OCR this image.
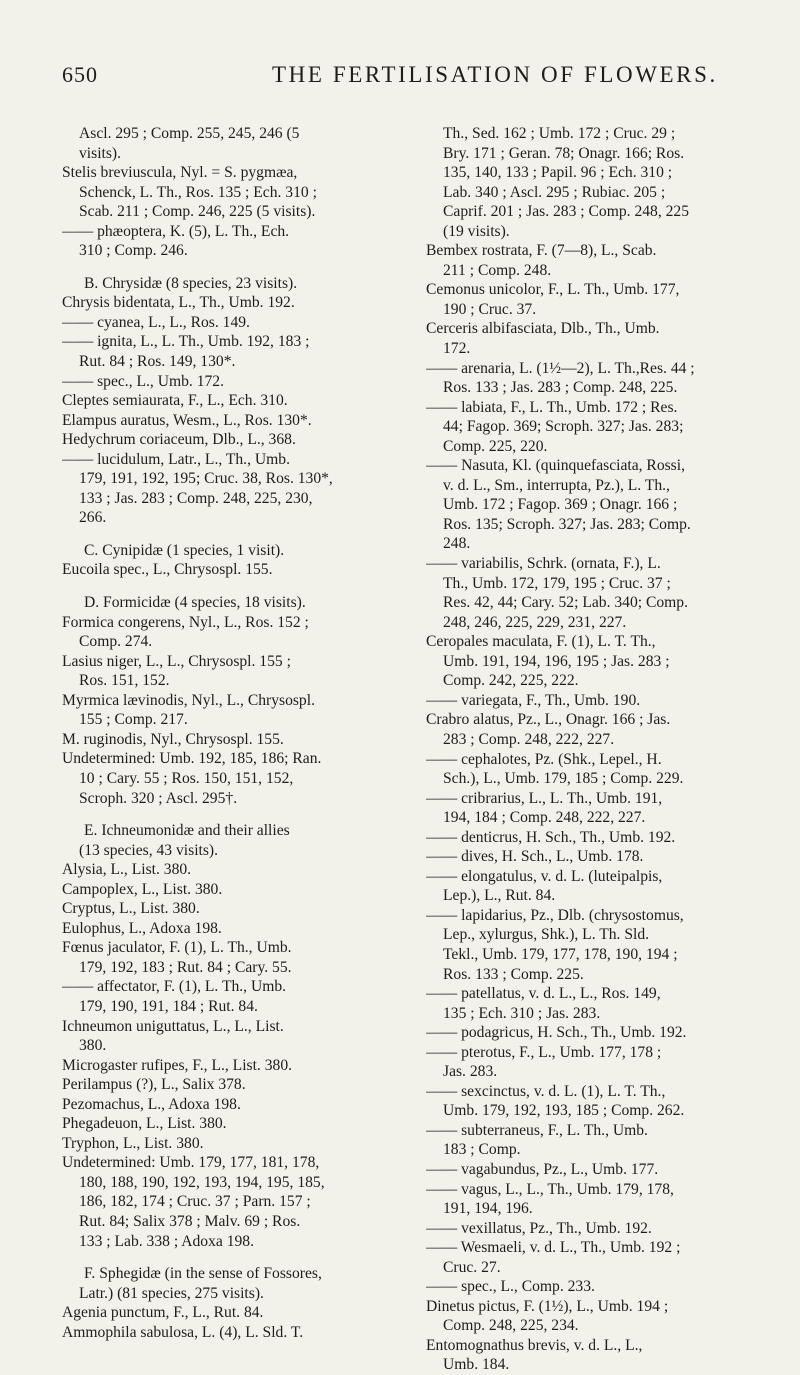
650	THE FERTILISATION OF FLOWERS.
Ascl. 295 ; Comp. 255, 245, 246 (5
visits).
Stelis breviuscula, Nyl. = S. pygmæa,
Schenck, L. Th., Ros. 135 ; Ech. 310 ;
Scab. 211 ; Comp. 246, 225 (5 visits).
—— phæoptera, K. (5), L. Th., Ech.
310 ; Comp. 246.
B. Chrysidæ (8 species, 23 visits).
Chrysis bidentata, L., Th., Umb. 192.
—— cyanea, L., L., Ros. 149.
—— ignita, L., L. Th., Umb. 192, 183 ;
Rut. 84 ; Ros. 149, 130*.
—— spec., L., Umb. 172.
Cleptes semiaurata, F., L., Ech. 310.
Elampus auratus, Wesm., L., Ros. 130*.
Hedychrum coriaceum, Dlb., L., 368.
—— lucidulum, Latr., L., Th., Umb.
179, 191, 192, 195; Cruc. 38, Ros. 130*,
133 ; Jas. 283 ; Comp. 248, 225, 230,
266.
C. Cynipidæ (1 species, 1 visit).
Eucoila spec., L., Chrysospl. 155.
D. Formicidæ (4 species, 18 visits).
Formica congerens, Nyl., L., Ros. 152 ;
Comp. 274.
Lasius niger, L., L., Chrysospl. 155 ;
Ros. 151, 152.
Myrmica lævinodis, Nyl., L., Chrysospl.
155 ; Comp. 217.
M. ruginodis, Nyl., Chrysospl. 155.
Undetermined: Umb. 192, 185, 186; Ran.
10 ; Cary. 55 ; Ros. 150, 151, 152,
Scroph. 320 ; Ascl. 295†.
E. Ichneumonidæ and their allies
(13 species, 43 visits).
Alysia, L., List. 380.
Campoplex, L., List. 380.
Cryptus, L., List. 380.
Eulophus, L., Adoxa 198.
Fœnus jaculator, F. (1), L. Th., Umb.
179, 192, 183 ; Rut. 84 ; Cary. 55.
—— affectator, F. (1), L. Th., Umb.
179, 190, 191, 184 ; Rut. 84.
Ichneumon uniguttatus, L., L., List.
380.
Microgaster rufipes, F., L., List. 380.
Perilampus (?), L., Salix 378.
Pezomachus, L., Adoxa 198.
Phegadeuon, L., List. 380.
Tryphon, L., List. 380.
Undetermined: Umb. 179, 177, 181, 178,
180, 188, 190, 192, 193, 194, 195, 185,
186, 182, 174 ; Cruc. 37 ; Parn. 157 ;
Rut. 84; Salix 378 ; Malv. 69 ; Ros.
133 ; Lab. 338 ; Adoxa 198.
F. Sphegidæ (in the sense of Fossores,
Latr.) (81 species, 275 visits).
Agenia punctum, F., L., Rut. 84.
Ammophila sabulosa, L. (4), L. Sld. T.
Th., Sed. 162 ; Umb. 172 ; Cruc. 29 ;
Bry. 171 ; Geran. 78; Onagr. 166; Ros.
135, 140, 133 ; Papil. 96 ; Ech. 310 ;
Lab. 340 ; Ascl. 295 ; Rubiac. 205 ;
Caprif. 201 ; Jas. 283 ; Comp. 248, 225
(19 visits).
Bembex rostrata, F. (7—8), L., Scab.
211 ; Comp. 248.
Cemonus unicolor, F., L. Th., Umb. 177,
190 ; Cruc. 37.
Cerceris albifasciata, Dlb., Th., Umb.
172.
—— arenaria, L. (1½—2), L. Th.,Res. 44 ;
Ros. 133 ; Jas. 283 ; Comp. 248, 225.
—— labiata, F., L. Th., Umb. 172 ; Res.
44; Fagop. 369; Scroph. 327; Jas. 283;
Comp. 225, 220.
—— Nasuta, Kl. (quinquefasciata, Rossi,
v. d. L., Sm., interrupta, Pz.), L. Th.,
Umb. 172 ; Fagop. 369 ; Onagr. 166 ;
Ros. 135; Scroph. 327; Jas. 283; Comp.
248.
—— variabilis, Schrk. (ornata, F.), L.
Th., Umb. 172, 179, 195 ; Cruc. 37 ;
Res. 42, 44; Cary. 52; Lab. 340; Comp.
248, 246, 225, 229, 231, 227.
Ceropales maculata, F. (1), L. T. Th.,
Umb. 191, 194, 196, 195 ; Jas. 283 ;
Comp. 242, 225, 222.
—— variegata, F., Th., Umb. 190.
Crabro alatus, Pz., L., Onagr. 166 ; Jas.
283 ; Comp. 248, 222, 227.
—— cephalotes, Pz. (Shk., Lepel., H.
Sch.), L., Umb. 179, 185 ; Comp. 229.
—— cribrarius, L., L. Th., Umb. 191,
194, 184 ; Comp. 248, 222, 227.
—— denticrus, H. Sch., Th., Umb. 192.
—— dives, H. Sch., L., Umb. 178.
—— elongatulus, v. d. L. (luteipalpis,
Lep.), L., Rut. 84.
—— lapidarius, Pz., Dlb. (chrysostomus,
Lep., xylurgus, Shk.), L. Th. Sld.
Tekl., Umb. 179, 177, 178, 190, 194 ;
Ros. 133 ; Comp. 225.
—— patellatus, v. d. L., L., Ros. 149,
135 ; Ech. 310 ; Jas. 283.
—— podagricus, H. Sch., Th., Umb. 192.
—— pterotus, F., L., Umb. 177, 178 ;
Jas. 283.
—— sexcinctus, v. d. L. (1), L. T. Th.,
Umb. 179, 192, 193, 185 ; Comp. 262.
—— subterraneus, F., L. Th., Umb.
183 ; Comp.
—— vagabundus, Pz., L., Umb. 177.
—— vagus, L., L., Th., Umb. 179, 178,
191, 194, 196.
—— vexillatus, Pz., Th., Umb. 192.
—— Wesmaeli, v. d. L., Th., Umb. 192 ;
Cruc. 27.
—— spec., L., Comp. 233.
Dinetus pictus, F. (1½), L., Umb. 194 ;
Comp. 248, 225, 234.
Entomognathus brevis, v. d. L., L.,
Umb. 184.
